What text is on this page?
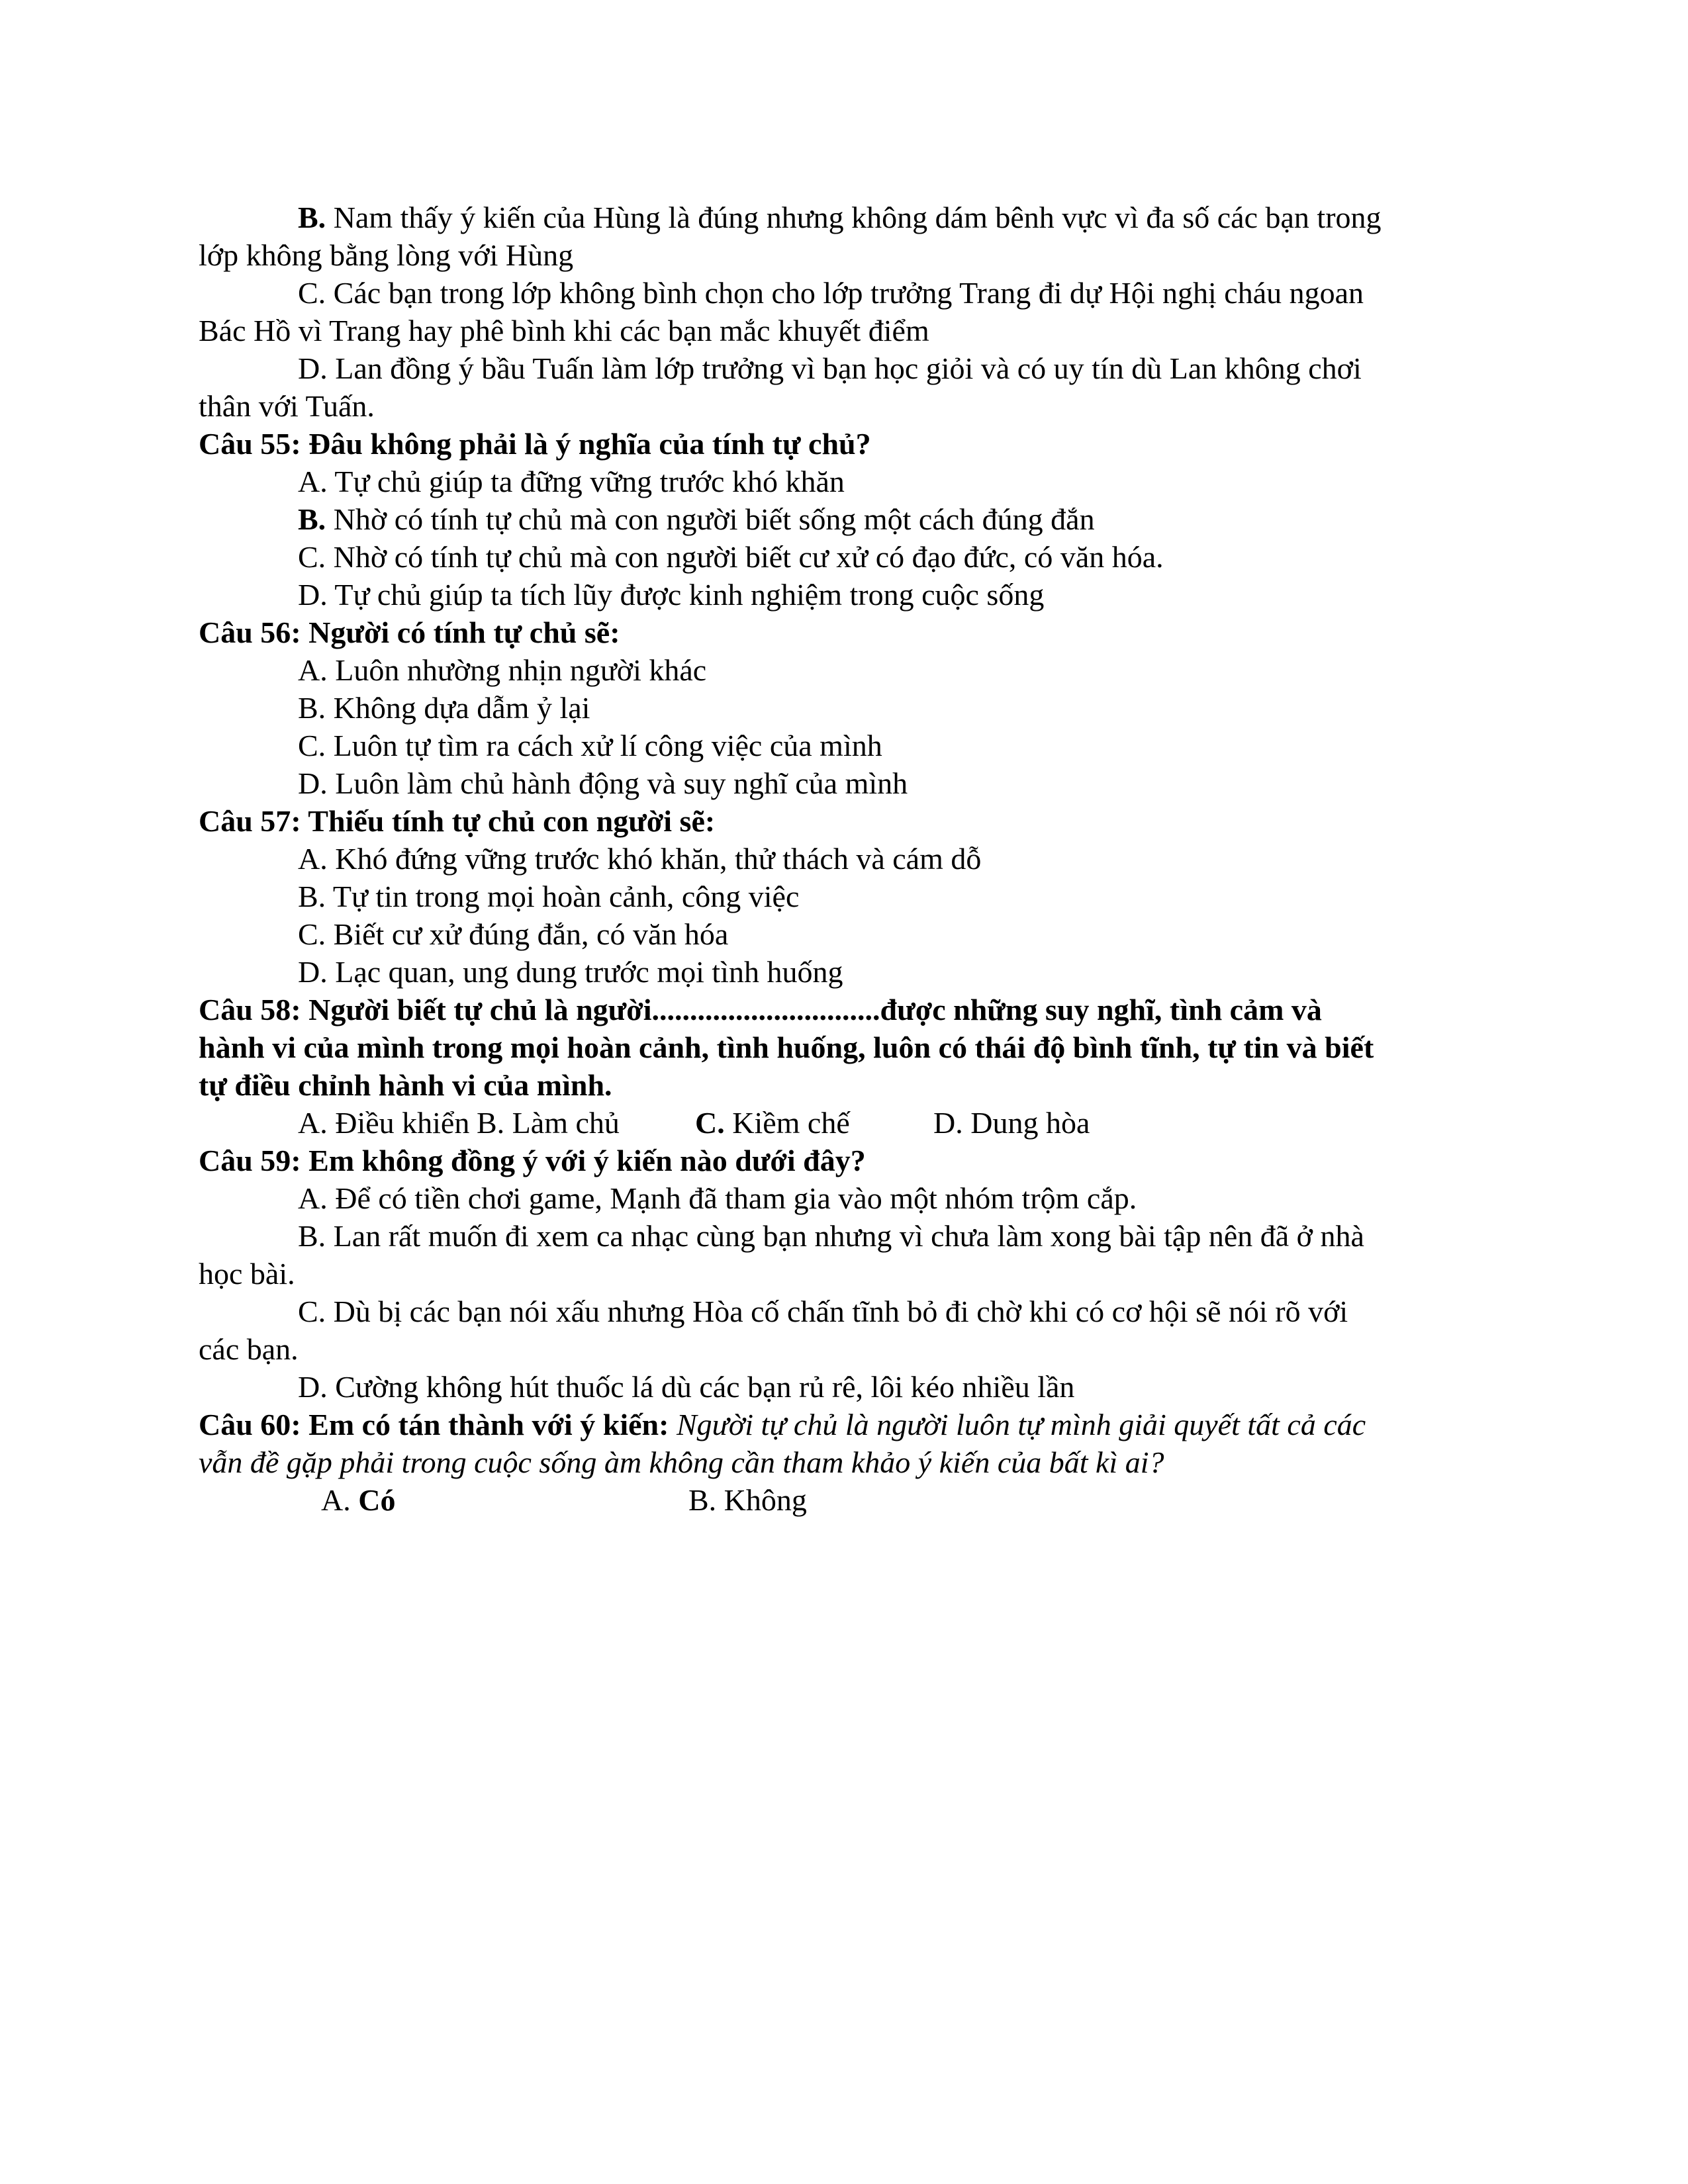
B. Nam thấy ý kiến của Hùng là đúng nhưng không dám bênh vực vì đa số các bạn trong
lớp không bằng lòng với Hùng
C. Các bạn trong lớp không bình chọn cho lớp trưởng Trang đi dự Hội nghị cháu ngoan
Bác Hồ vì Trang hay phê bình khi các bạn mắc khuyết điểm
D. Lan đồng ý bầu Tuấn làm lớp trưởng vì bạn học giỏi và có uy tín dù Lan không chơi
thân với Tuấn.
Câu 55: Đâu không phải là ý nghĩa của tính tự chủ?
A. Tự chủ giúp ta đững vững trước khó khăn
B. Nhờ có tính tự chủ mà con người biết sống một cách đúng đắn
C. Nhờ có tính tự chủ mà con người biết cư xử có đạo đức, có văn hóa.
D. Tự chủ giúp ta tích lũy được kinh nghiệm trong cuộc sống
Câu 56: Người có tính tự chủ sẽ:
A. Luôn nhường nhịn người khác
B. Không dựa dẫm ỷ lại
C. Luôn tự tìm ra cách xử lí công việc của mình
D. Luôn làm chủ hành động và suy nghĩ của mình
Câu 57: Thiếu tính tự chủ con người sẽ:
A. Khó đứng vững trước khó khăn, thử thách và cám dỗ
B. Tự tin trong mọi hoàn cảnh, công việc
C. Biết cư xử đúng đắn, có văn hóa
D. Lạc quan, ung dung trước mọi tình huống
Câu 58: Người biết tự chủ là người..............................được những suy nghĩ, tình cảm và
hành vi của mình trong mọi hoàn cảnh, tình huống, luôn có thái độ bình tĩnh, tự tin và biết
tự điều chỉnh hành vi của mình.
A. Điều khiển B. Làm chủ	C. Kiềm chế	D. Dung hòa
Câu 59: Em không đồng ý với ý kiến nào dưới đây?
A. Để có tiền chơi game, Mạnh đã tham gia vào một nhóm trộm cắp.
B. Lan rất muốn đi xem ca nhạc cùng bạn nhưng vì chưa làm xong bài tập nên đã ở nhà
học bài.
C. Dù bị các bạn nói xấu nhưng Hòa cố chấn tĩnh bỏ đi chờ khi có cơ hội sẽ nói rõ với
các bạn.
D. Cường không hút thuốc lá dù các bạn rủ rê, lôi kéo nhiều lần
Câu 60: Em có tán thành với ý kiến: Người tự chủ là người luôn tự mình giải quyết tất cả các
vẫn đề gặp phải trong cuộc sống àm không cần tham khảo ý kiến của bất kì ai?
A. Có	B. Không
